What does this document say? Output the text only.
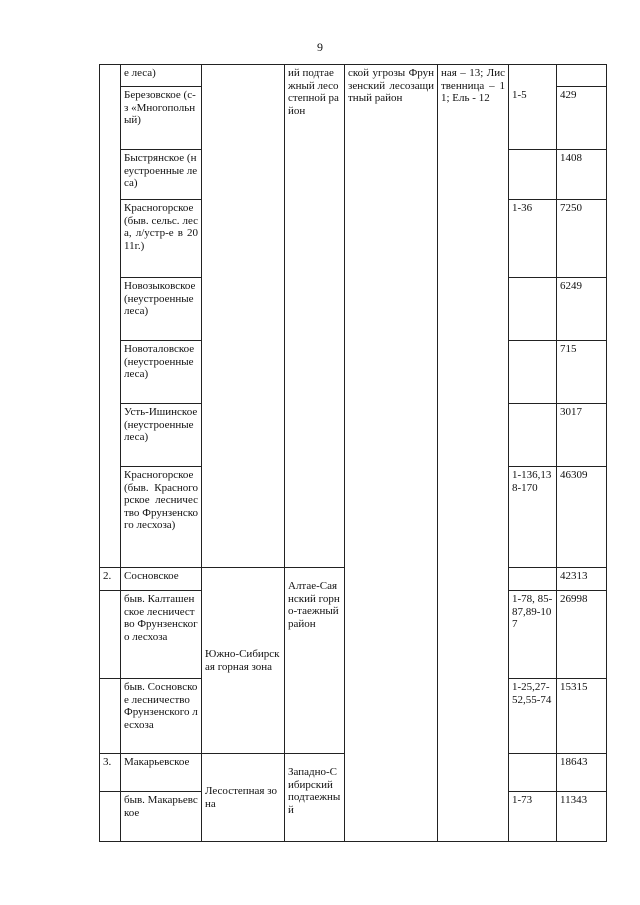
9
	е леса)		ий подтаежный лесостепной район	ской угрозы Фрунзенский лесозащитный район	ная – 13; Лиственница – 11; Ель - 12	1-5	
	Березовское (с-з «Многопольный)						429
	Быстрянское (неустроенные леса)						1408
	Красногорское (быв. сельс. леса, л/устр-е в 2011г.)					1-36	7250
	Новозыковское (неустроенные леса)						6249
	Новоталовское (неустроенные леса)						715
	Усть-Ишинское (неустроенные леса)						3017
	Красногорское (быв. Красногорское лесничество Фрунзенского лесхоза)					1-136,138-170	46309
2.	Сосновское	Южно-Сибирская горная зона	Алтае-Саянский горно-таежный район				42313
	быв. Калташенское лесничество Фрунзенского лесхоза					1-78, 85-87,89-107	26998
	быв. Сосновское лесничество Фрунзенского лесхоза					1-25,27-52,55-74	15315
3.	Макарьевское	Лесостепная зона	Западно-Сибирский подтаежный				18643
	быв. Макарьевское					1-73	11343
